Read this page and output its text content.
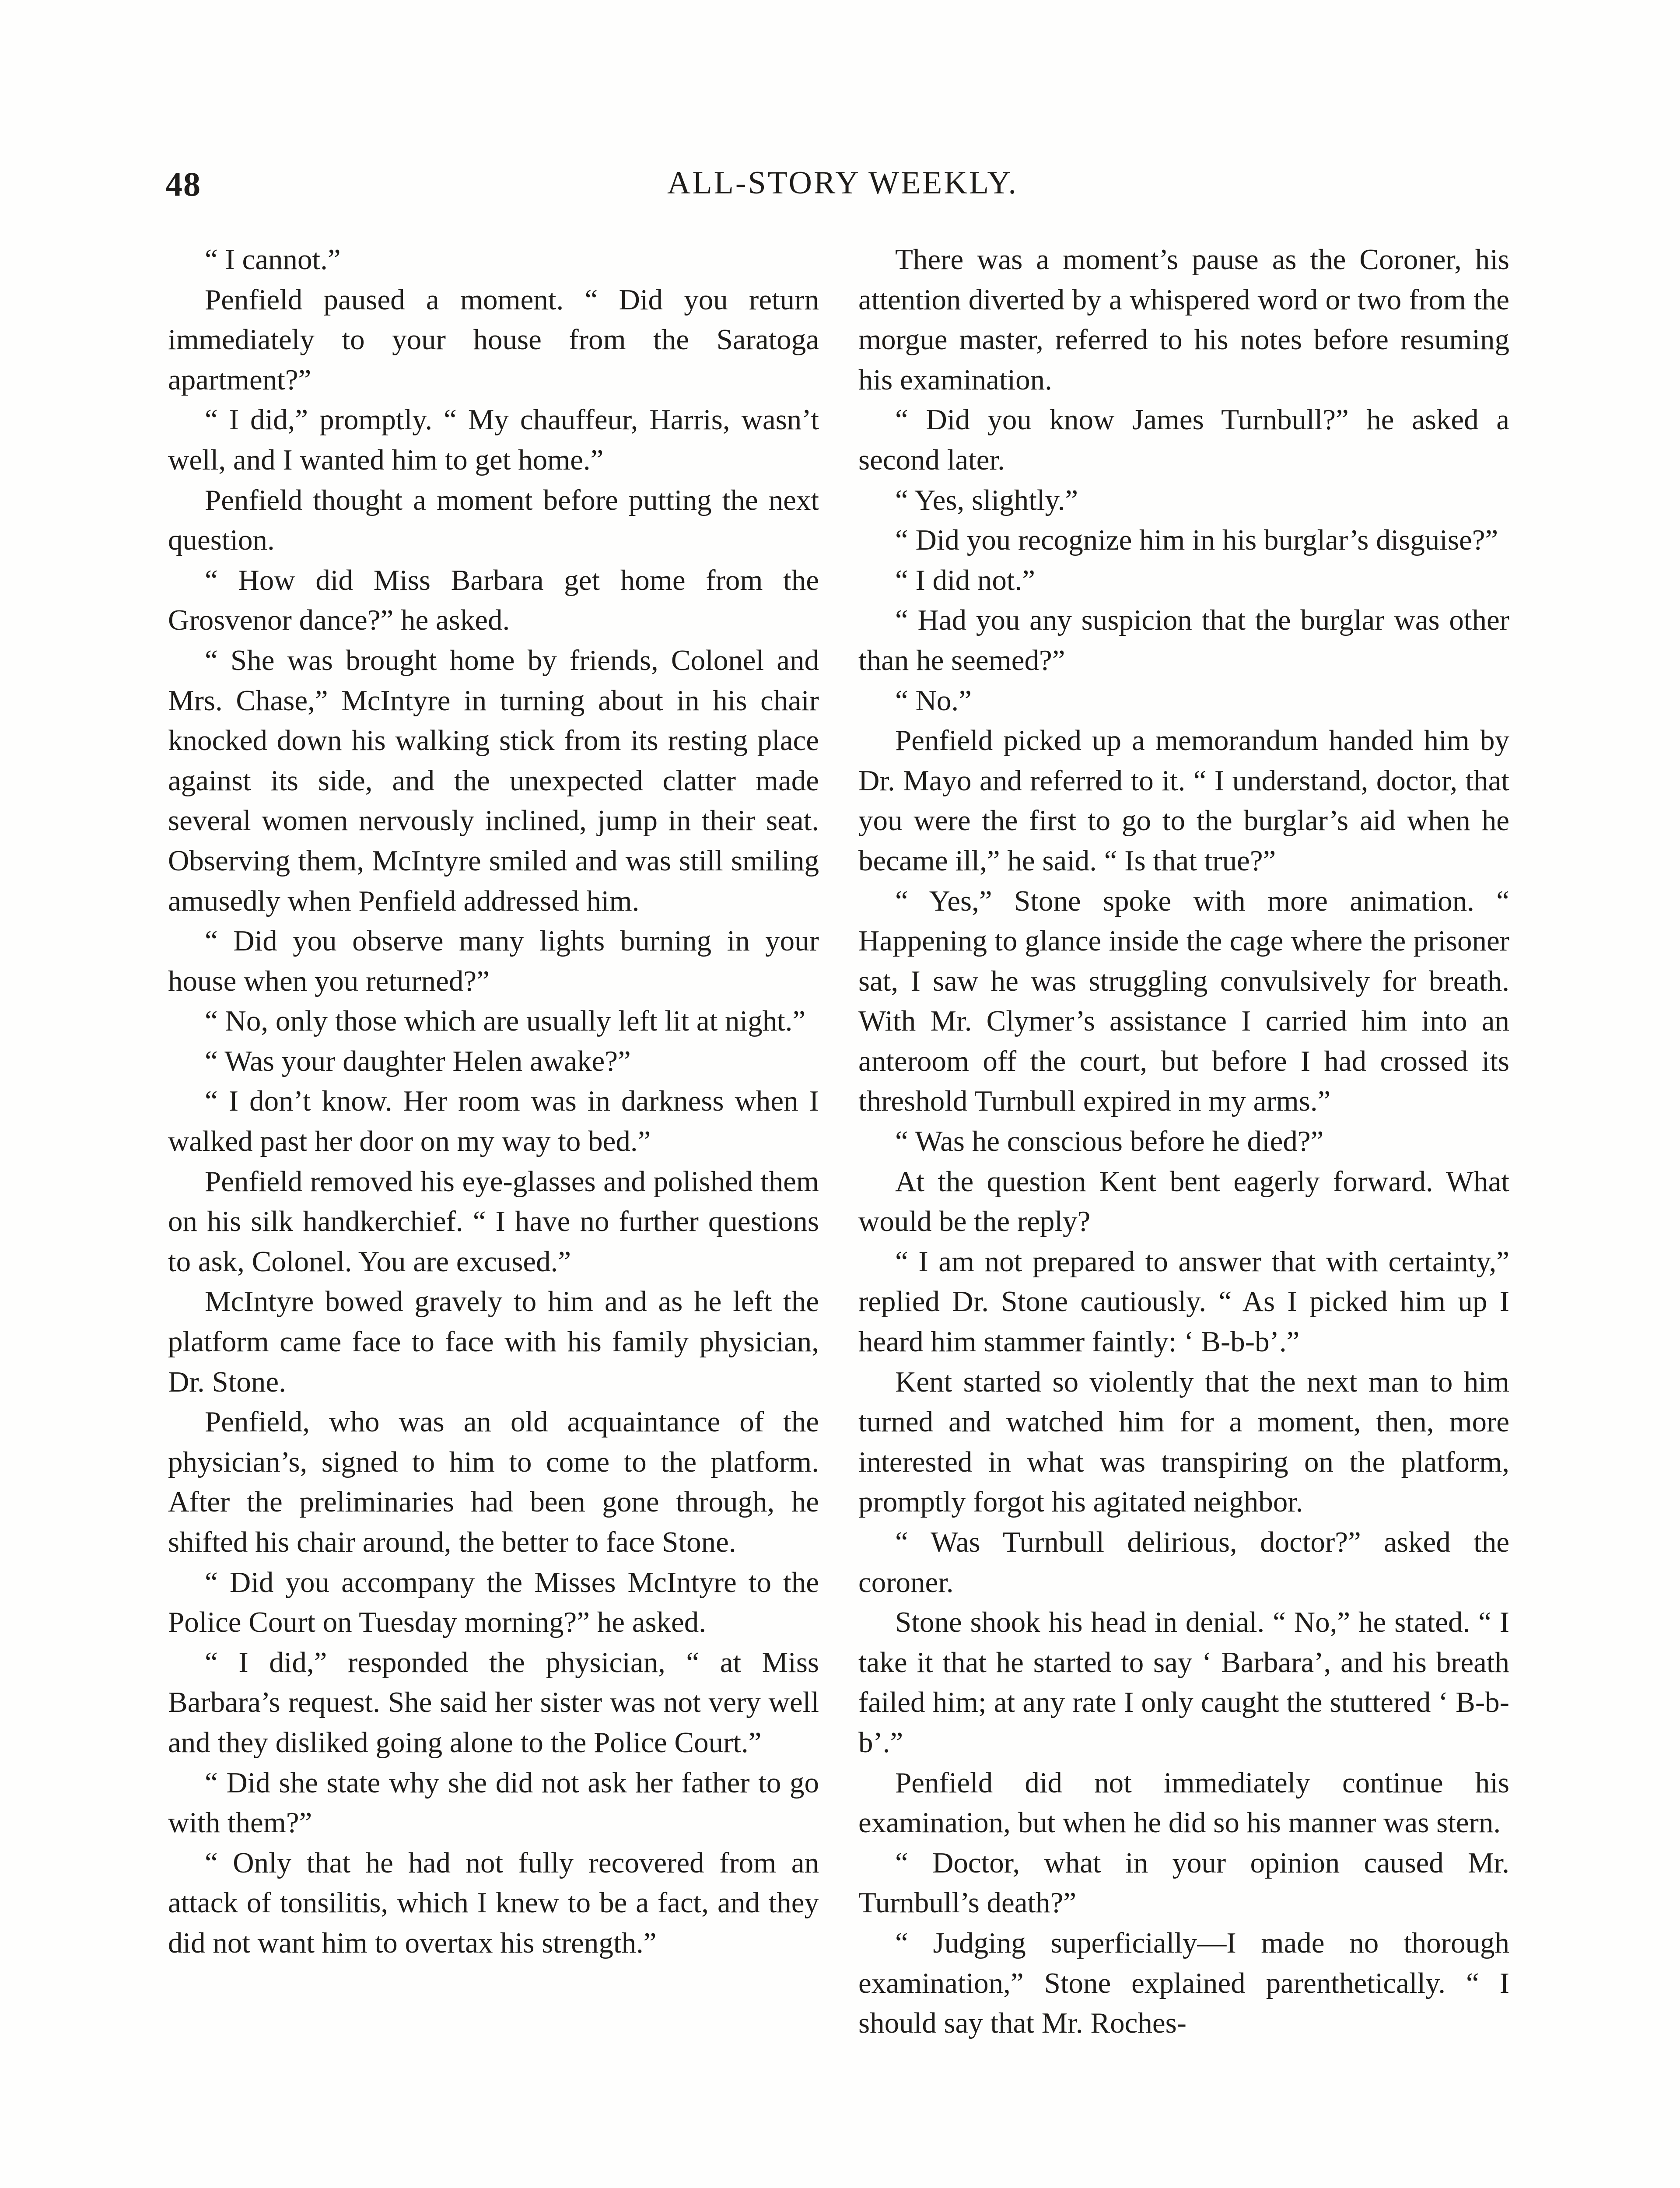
48	ALL-STORY WEEKLY.

“ I cannot.”

Penfield paused a moment. “ Did you return immediately to your house from the Saratoga apartment?”

“ I did,” promptly. “ My chauffeur, Harris, wasn’t well, and I wanted him to get home.”

Penfield thought a moment before putting the next question.

“ How did Miss Barbara get home from the Grosvenor dance?” he asked.

“ She was brought home by friends, Colonel and Mrs. Chase,” McIntyre in turning about in his chair knocked down his walking stick from its resting place against its side, and the unexpected clatter made several women nervously inclined, jump in their seat. Observing them, McIntyre smiled and was still smiling amusedly when Penfield addressed him.

“ Did you observe many lights burning in your house when you returned?”

“ No, only those which are usually left lit at night.”

“ Was your daughter Helen awake?”

“ I don’t know. Her room was in darkness when I walked past her door on my way to bed.”

Penfield removed his eye-glasses and polished them on his silk handkerchief. “ I have no further questions to ask, Colonel. You are excused.”

McIntyre bowed gravely to him and as he left the platform came face to face with his family physician, Dr. Stone.

Penfield, who was an old acquaintance of the physician’s, signed to him to come to the platform. After the preliminaries had been gone through, he shifted his chair around, the better to face Stone.

“ Did you accompany the Misses McIntyre to the Police Court on Tuesday morning?” he asked.

“ I did,” responded the physician, “ at Miss Barbara’s request. She said her sister was not very well and they disliked going alone to the Police Court.”

“ Did she state why she did not ask her father to go with them?”

“ Only that he had not fully recovered from an attack of tonsilitis, which I knew to be a fact, and they did not want him to overtax his strength.”

There was a moment’s pause as the Coroner, his attention diverted by a whispered word or two from the morgue master, referred to his notes before resuming his examination.

“ Did you know James Turnbull?” he asked a second later.

“ Yes, slightly.”

“ Did you recognize him in his burglar’s disguise?”

“ I did not.”

“ Had you any suspicion that the burglar was other than he seemed?”

“ No.”

Penfield picked up a memorandum handed him by Dr. Mayo and referred to it. “ I understand, doctor, that you were the first to go to the burglar’s aid when he became ill,” he said. “ Is that true?”

“ Yes,” Stone spoke with more animation. “ Happening to glance inside the cage where the prisoner sat, I saw he was struggling convulsively for breath. With Mr. Clymer’s assistance I carried him into an anteroom off the court, but before I had crossed its threshold Turnbull expired in my arms.”

“ Was he conscious before he died?”

At the question Kent bent eagerly forward. What would be the reply?

“ I am not prepared to answer that with certainty,” replied Dr. Stone cautiously. “ As I picked him up I heard him stammer faintly: ‘ B-b-b’.”

Kent started so violently that the next man to him turned and watched him for a moment, then, more interested in what was transpiring on the platform, promptly forgot his agitated neighbor.

“ Was Turnbull delirious, doctor?” asked the coroner.

Stone shook his head in denial. “ No,” he stated. “ I take it that he started to say ‘ Barbara’, and his breath failed him; at any rate I only caught the stuttered ‘ B-b-b’.”

Penfield did not immediately continue his examination, but when he did so his manner was stern.

“ Doctor, what in your opinion caused Mr. Turnbull’s death?”

“ Judging superficially—I made no thorough examination,” Stone explained parenthetically. “ I should say that Mr. Roches-
